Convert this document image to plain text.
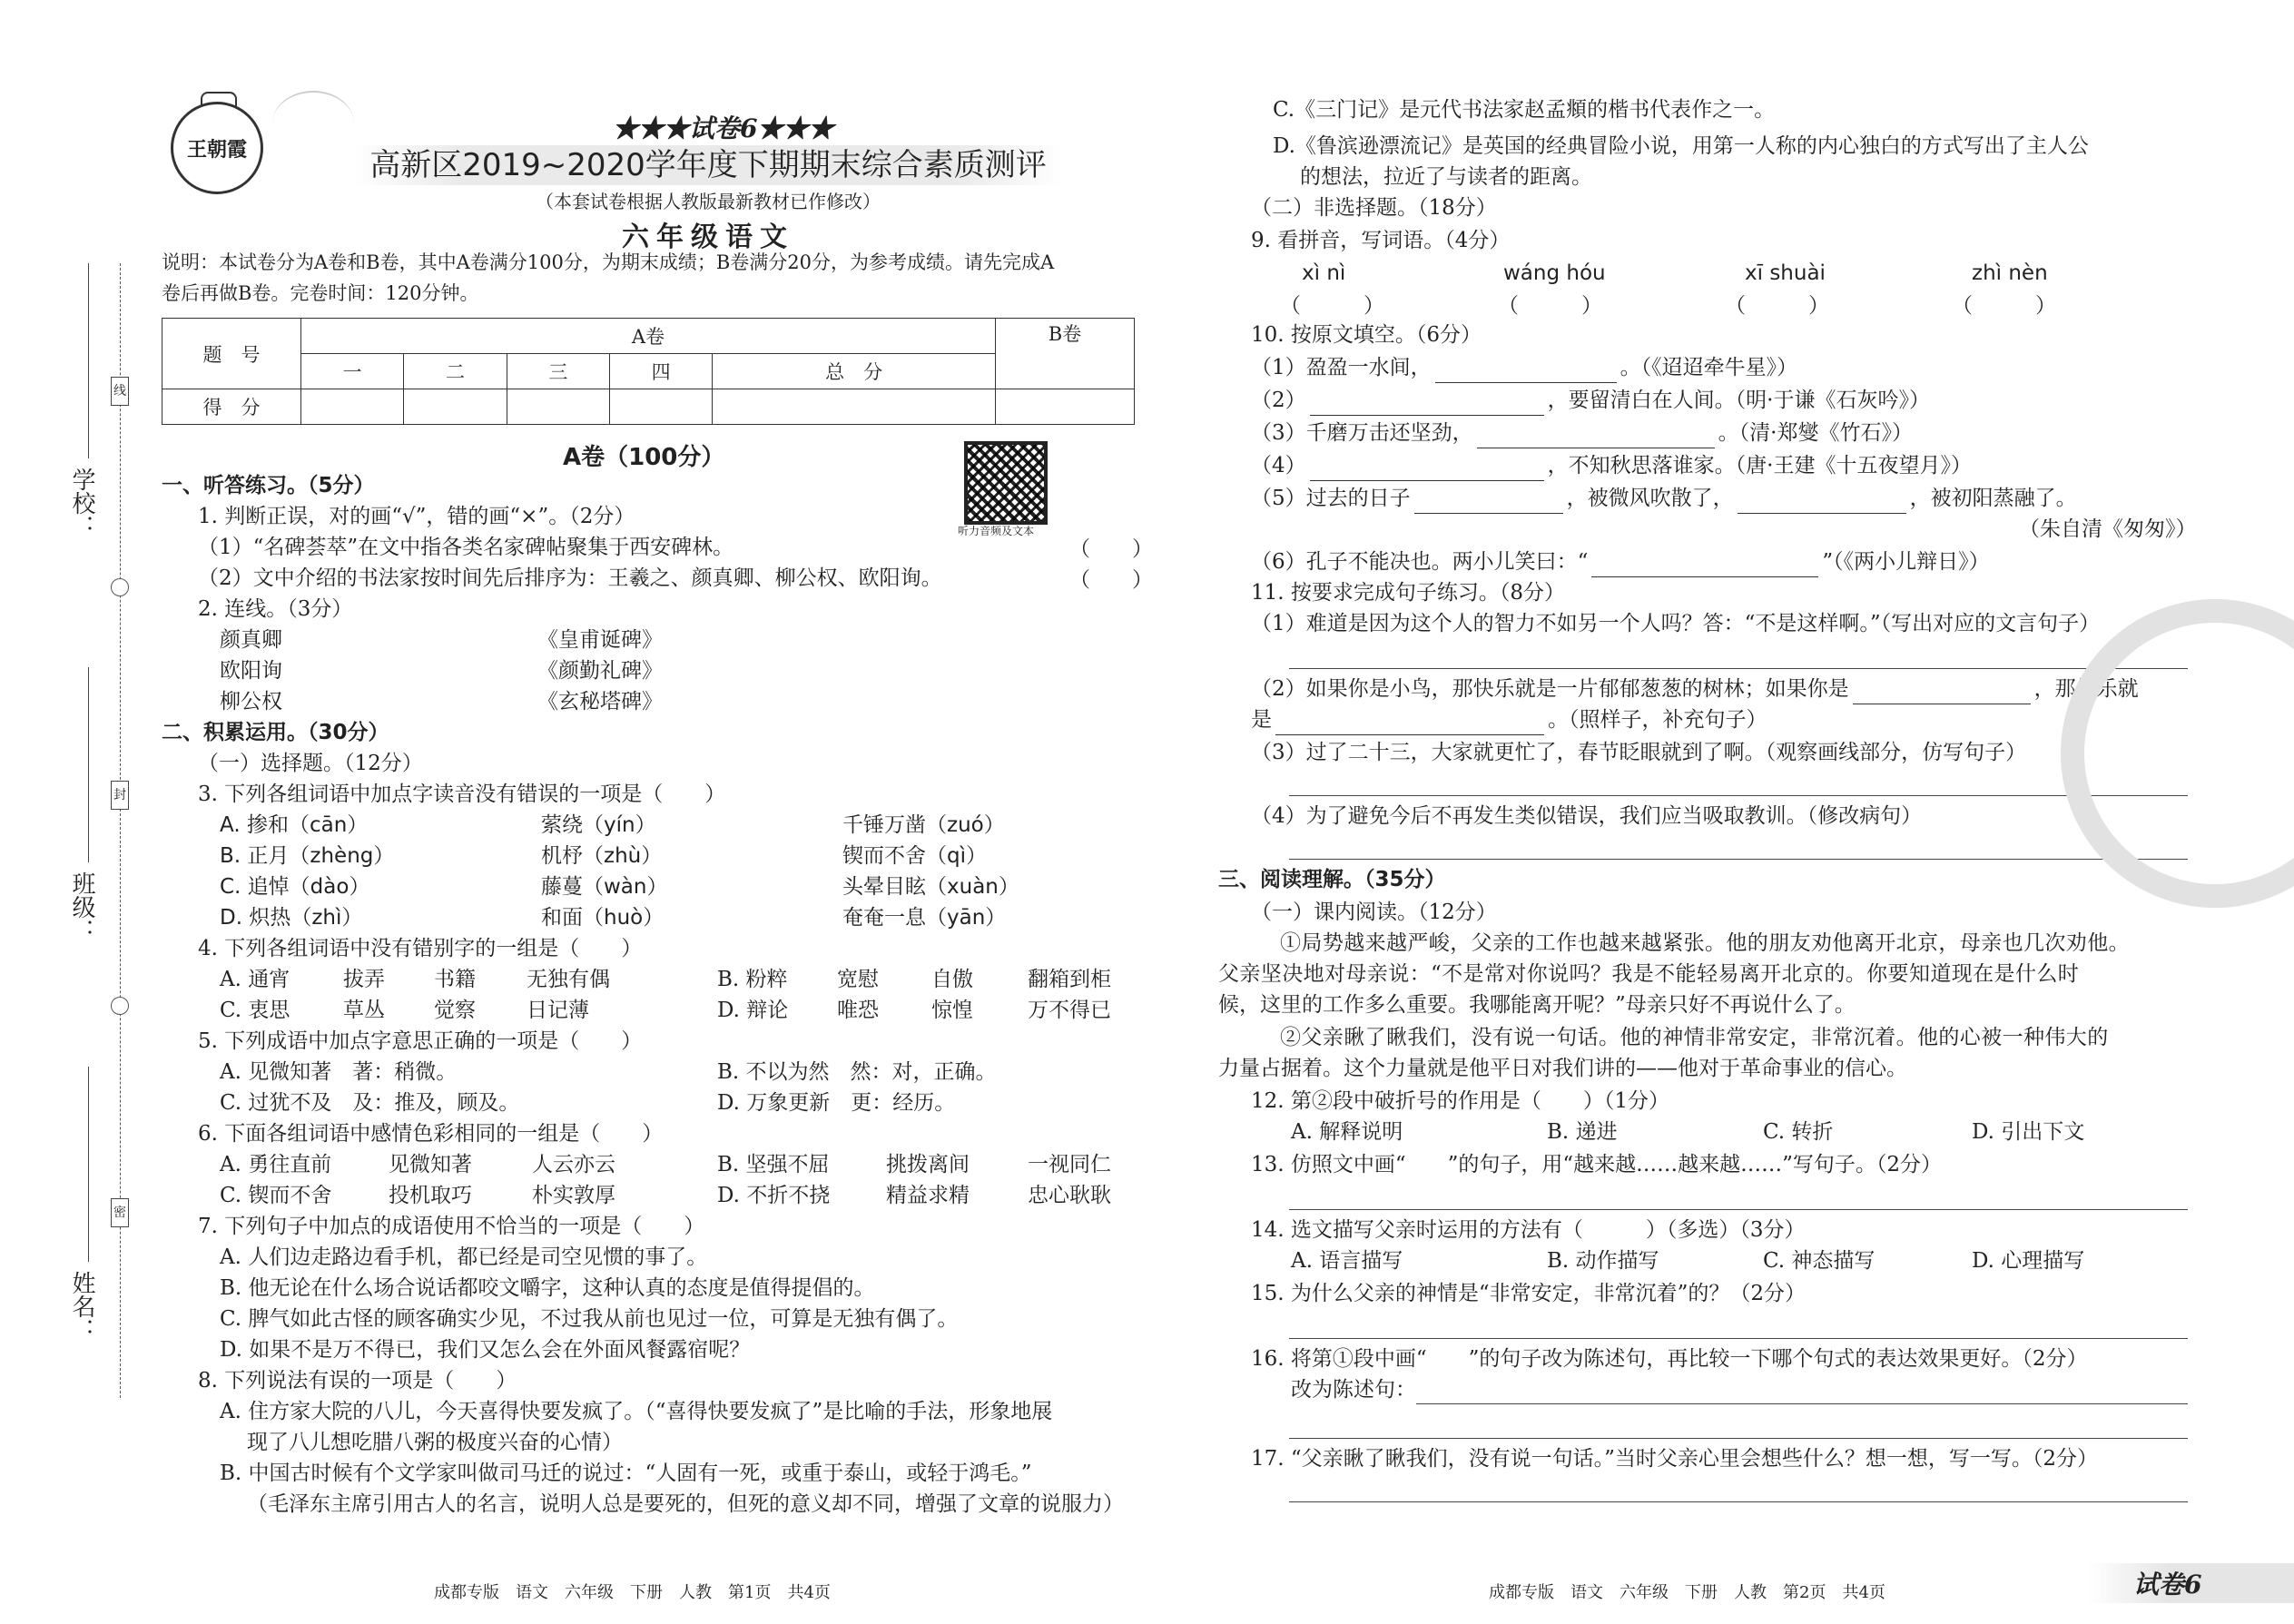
线
封
密
学校：
班级：
姓名：
王朝霞
★★★试卷6★★★
高新区2019~2020学年度下期期末综合素质测评
（本套试卷根据人教版最新教材已作修改）
六年级语文
说明：本试卷分为A卷和B卷，其中A卷满分100分，为期末成绩；B卷满分20分，为参考成绩。请先完成A
卷后再做B卷。完卷时间：120分钟。
题　号	A卷					B卷
	一	二	三	四	总　分	
得　分						
A卷（100分）
听力音频及文本
一、听答练习。（5分）
1. 判断正误，对的画“√”，错的画“×”。（2分）
（1）“名碑荟萃”在文中指各类名家碑帖聚集于西安碑林。	（　　）
（2）文中介绍的书法家按时间先后排序为：王羲之、颜真卿、柳公权、欧阳询。	（　　）
2. 连线。（3分）
颜真卿	《皇甫诞碑》
欧阳询	《颜勤礼碑》
柳公权	《玄秘塔碑》
二、积累运用。（30分）
（一）选择题。（12分）
3. 下列各组词语中加点字读音没有错误的一项是（　　）
A. 掺和（cān）	萦绕（yín）	千锤万凿（zuó）
B. 正月（zhèng）	机杼（zhù）	锲而不舍（qì）
C. 追悼（dào）	藤蔓（wàn）	头晕目眩（xuàn）
D. 炽热（zhì）	和面（huò）	奄奄一息（yān）
4. 下列各组词语中没有错别字的一组是（　　）
A. 通宵	拔弄 书籍 无独有偶	B. 粉粹 宽慰	自傲	翻箱到柜
C. 衷思	草丛 觉察 日记薄	D. 辩论 唯恐	惊惶	万不得已
5. 下列成语中加点字意思正确的一项是（　　）
A. 见微知著　著：稍微。	B. 不以为然　然：对，正确。
C. 过犹不及　及：推及，顾及。	D. 万象更新　更：经历。
6. 下面各组词语中感情色彩相同的一组是（　　）
A. 勇往直前	见微知著	人云亦云	B. 坚强不屈	挑拨离间	一视同仁
C. 锲而不舍	投机取巧	朴实敦厚	D. 不折不挠	精益求精	忠心耿耿
7. 下列句子中加点的成语使用不恰当的一项是（　　）
A. 人们边走路边看手机，都已经是司空见惯的事了。
B. 他无论在什么场合说话都咬文嚼字，这种认真的态度是值得提倡的。
C. 脾气如此古怪的顾客确实少见，不过我从前也见过一位，可算是无独有偶了。
D. 如果不是万不得已，我们又怎么会在外面风餐露宿呢？
8. 下列说法有误的一项是（　　）
A. 住方家大院的八儿，今天喜得快要发疯了。（“喜得快要发疯了”是比喻的手法，形象地展
现了八儿想吃腊八粥的极度兴奋的心情）
B. 中国古时候有个文学家叫做司马迁的说过：“人固有一死，或重于泰山，或轻于鸿毛。”
（毛泽东主席引用古人的名言，说明人总是要死的，但死的意义却不同，增强了文章的说服力）
成都专版　语文　六年级　下册　人教　第1页　共4页
C.《三门记》是元代书法家赵孟頫的楷书代表作之一。
D.《鲁滨逊漂流记》是英国的经典冒险小说，用第一人称的内心独白的方式写出了主人公
的想法，拉近了与读者的距离。
（二）非选择题。（18分）
9. 看拼音，写词语。（4分）
xì nì	wáng hóu	xī shuài	zhì nèn
（　　　）	（　　　）	（　　　）	（　　　）
10. 按原文填空。（6分）
（1）盈盈一水间，	。（《迢迢牵牛星》）
（2）	，要留清白在人间。（明·于谦《石灰吟》）
（3）千磨万击还坚劲，	。（清·郑燮《竹石》）
（4）	，不知秋思落谁家。（唐·王建《十五夜望月》）
（5）过去的日子	，被微风吹散了，	，被初阳蒸融了。
（朱自清《匆匆》）
（6）孔子不能决也。两小儿笑曰：“	”（《两小儿辩日》）
11. 按要求完成句子练习。（8分）
（1）难道是因为这个人的智力不如另一个人吗？答：“不是这样啊。”（写出对应的文言句子）
（2）如果你是小鸟，那快乐就是一片郁郁葱葱的树林；如果你是	，那快乐就
是	。（照样子，补充句子）
（3）过了二十三，大家就更忙了，春节眨眼就到了啊。（观察画线部分，仿写句子）
（4）为了避免今后不再发生类似错误，我们应当吸取教训。（修改病句）
三、阅读理解。（35分）
（一）课内阅读。（12分）
①局势越来越严峻，父亲的工作也越来越紧张。他的朋友劝他离开北京，母亲也几次劝他。
父亲坚决地对母亲说：“不是常对你说吗？我是不能轻易离开北京的。你要知道现在是什么时
候，这里的工作多么重要。我哪能离开呢？”母亲只好不再说什么了。
②父亲瞅了瞅我们，没有说一句话。他的神情非常安定，非常沉着。他的心被一种伟大的
力量占据着。这个力量就是他平日对我们讲的——他对于革命事业的信心。
12. 第②段中破折号的作用是（　　）（1分）
A. 解释说明	B. 递进	C. 转折	D. 引出下文
13. 仿照文中画“　　”的句子，用“越来越……越来越……”写句子。（2分）
14. 选文描写父亲时运用的方法有（　　　）（多选）（3分）
A. 语言描写	B. 动作描写	C. 神态描写	D. 心理描写
15. 为什么父亲的神情是“非常安定，非常沉着”的？（2分）
16. 将第①段中画“　　”的句子改为陈述句，再比较一下哪个句式的表达效果更好。（2分）
改为陈述句：
17. “父亲瞅了瞅我们，没有说一句话。”当时父亲心里会想些什么？想一想，写一写。（2分）
成都专版　语文　六年级　下册　人教　第2页　共4页	试卷6
